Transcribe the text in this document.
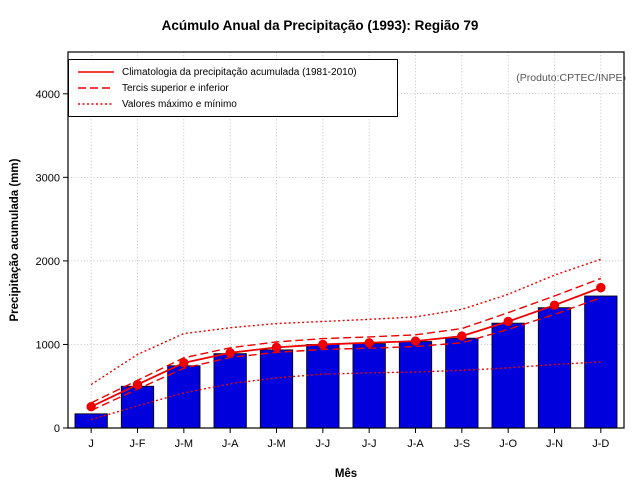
Acúmulo Anual da Precipitação (1993): Região 79
0
1000
2000
3000
4000
J	J-F	J-M	J-A	J-M	J-J	J-J	J-A	J-S	J-O	J-N	J-D
Mês
Precipitação acumulada (mm)
Climatologia da precipitação acumulada (1981-2010)
Tercis superior e inferior
Valores máximo e mínimo
(Produto:CPTEC/INPE)
